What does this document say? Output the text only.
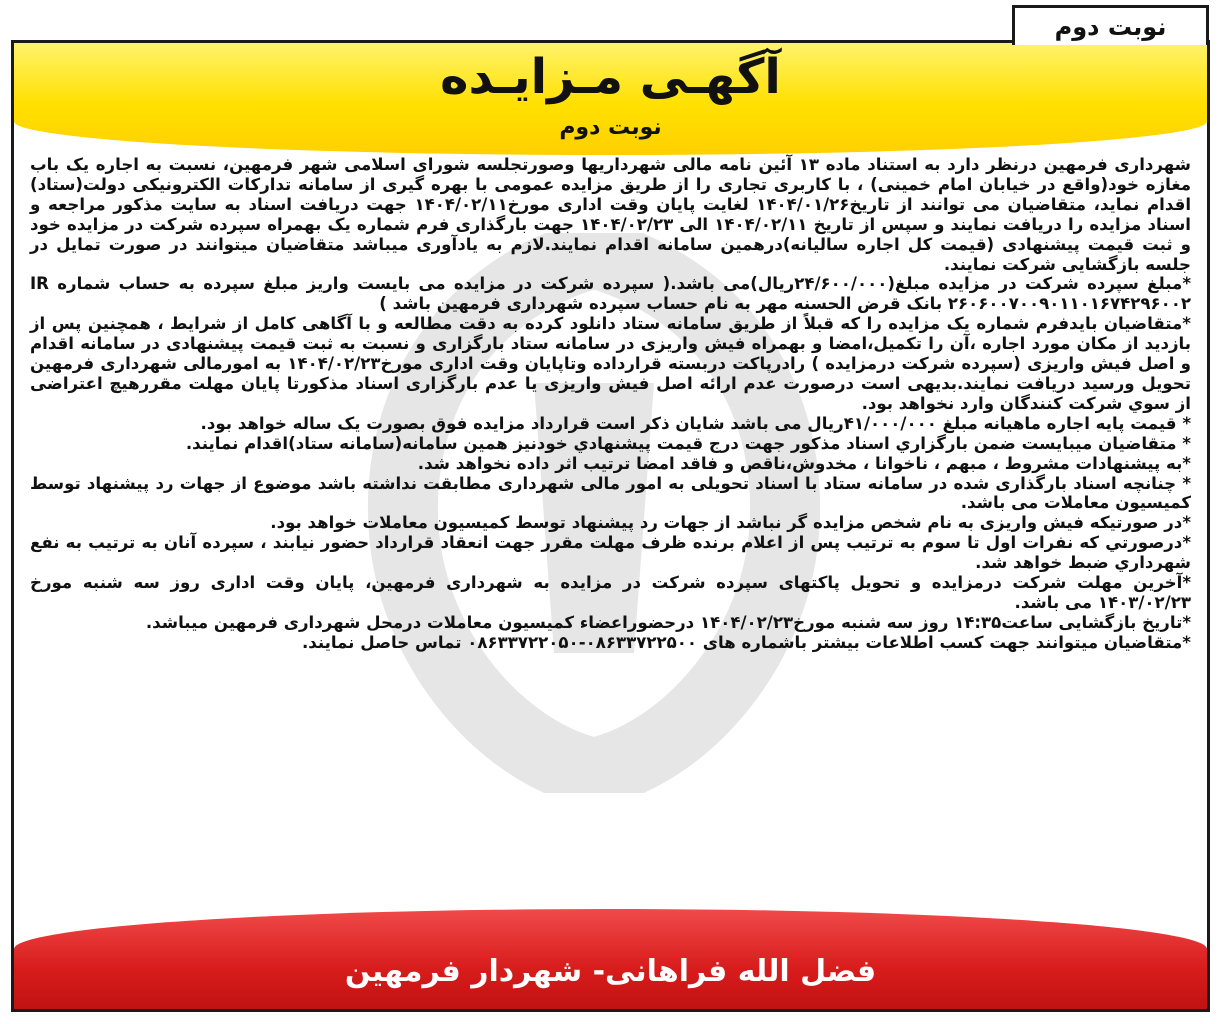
نوبت دوم
آگهـی مـزایـده
نوبت دوم

شهرداری فرمهین درنظر دارد به استناد ماده ۱۳ آئین نامه مالی شهرداریها وصورتجلسه شورای اسلامی شهر فرمهین، نسبت به اجاره یک باب مغازه خود(واقع در خیابان امام خمینی) ، با کاربری تجاری را از طریق مزایده عمومی با بهره گیری از سامانه تدارکات الکترونیکی دولت(ستاد) اقدام نماید، متقاضیان می توانند از تاریخ۱۴۰۴/۰۱/۲۶ لغایت پایان وقت اداری مورخ۱۴۰۴/۰۲/۱۱ جهت دریافت اسناد به سایت مذکور مراجعه و اسناد مزایده را دریافت نمایند و سپس از تاریخ ۱۴۰۴/۰۲/۱۱ الی ۱۴۰۴/۰۲/۲۳ جهت بارگذاری فرم شماره یک بهمراه سپرده شرکت در مزایده خود و ثبت قیمت پیشنهادی (قیمت کل اجاره سالیانه)درهمین سامانه اقدام نمایند.لازم به یادآوری میباشد متقاضیان میتوانند در صورت تمایل در جلسه بازگشایی شرکت نمایند.

*مبلغ سپرده شرکت در مزایده مبلغ(۲۴/۶۰۰/۰۰۰ریال)می باشد.( سپرده شرکت در مزایده می بایست واریز مبلغ سپرده به حساب شماره IR ۲۶۰۶۰۰۷۰۰۹۰۱۱۰۱۶۷۴۲۹۶۰۰۲ بانک قرض الحسنه مهر به نام حساب سپرده شهرداری فرمهین باشد )

*متقاضیان بایدفرم شماره یک مزایده را که قبلاً از طریق سامانه ستاد دانلود کرده به دقت مطالعه و با آگاهی کامل از شرایط ، همچنین پس از بازدید از مکان مورد اجاره ،آن را تکمیل،امضا و بهمراه فیش واریزی در سامانه ستاد بارگزاری و نسبت به ثبت قیمت پیشنهادی در سامانه اقدام و اصل فیش واریزی (سپرده شرکت درمزایده ) رادرپاکت دربسته قرارداده وتاپایان وقت اداری مورخ۱۴۰۴/۰۲/۲۳ به امورمالی شهرداری فرمهین تحویل ورسید دریافت نمایند.بدیهی است درصورت عدم ارائه اصل فیش واریزی یا عدم بارگزاری اسناد مذکورتا پایان مهلت مقررهیچ اعتراضی از سوي شرکت کنندگان وارد نخواهد بود.

* قیمت پایه اجاره ماهیانه مبلغ ۴۱/۰۰۰/۰۰۰ریال می باشد شایان ذکر است قرارداد مزایده فوق بصورت یک ساله خواهد بود.

* متقاضیان میبایست ضمن بارگزاري اسناد مذکور جهت درج قیمت پیشنهادي خودنیز همین سامانه(سامانه ستاد)اقدام نمایند.

*به پیشنهادات مشروط ، مبهم ، ناخوانا ، مخدوش،ناقص و فاقد امضا ترتیب اثر داده نخواهد شد.

* چنانچه اسناد بارگذاری شده در سامانه ستاد با اسناد تحویلی به امور مالی شهرداری مطابقت نداشته باشد موضوع از جهات رد پیشنهاد توسط کمیسیون معاملات می باشد.

*در صورتیکه فیش واریزی به نام شخص مزایده گر نباشد از جهات رد پیشنهاد توسط کمیسیون معاملات خواهد بود.

*درصورتي که نفرات اول تا سوم به ترتیب پس از اعلام برنده ظرف مهلت مقرر جهت انعقاد قرارداد حضور نیابند ، سپرده آنان به ترتیب به نفع شهرداري ضبط خواهد شد.

*آخرین مهلت شرکت درمزایده و تحویل پاکتهای سپرده شرکت در مزایده به شهرداری فرمهین، پایان وقت اداری روز سه شنبه مورخ ۱۴۰۳/۰۲/۲۳ می باشد.

*تاریخ بازگشایی ساعت۱۴:۳۵ روز سه شنبه مورخ۱۴۰۴/۰۲/۲۳ درحضوراعضاء کمیسیون معاملات درمحل شهرداری فرمهین میباشد.

*متقاضیان میتوانند جهت کسب اطلاعات بیشتر باشماره های ۰۸۶۳۳۷۲۲۵۰۰-۰۸۶۳۳۷۲۲۰۵۰ تماس حاصل نمایند.

فضل الله فراهانی- شهردار فرمهین
